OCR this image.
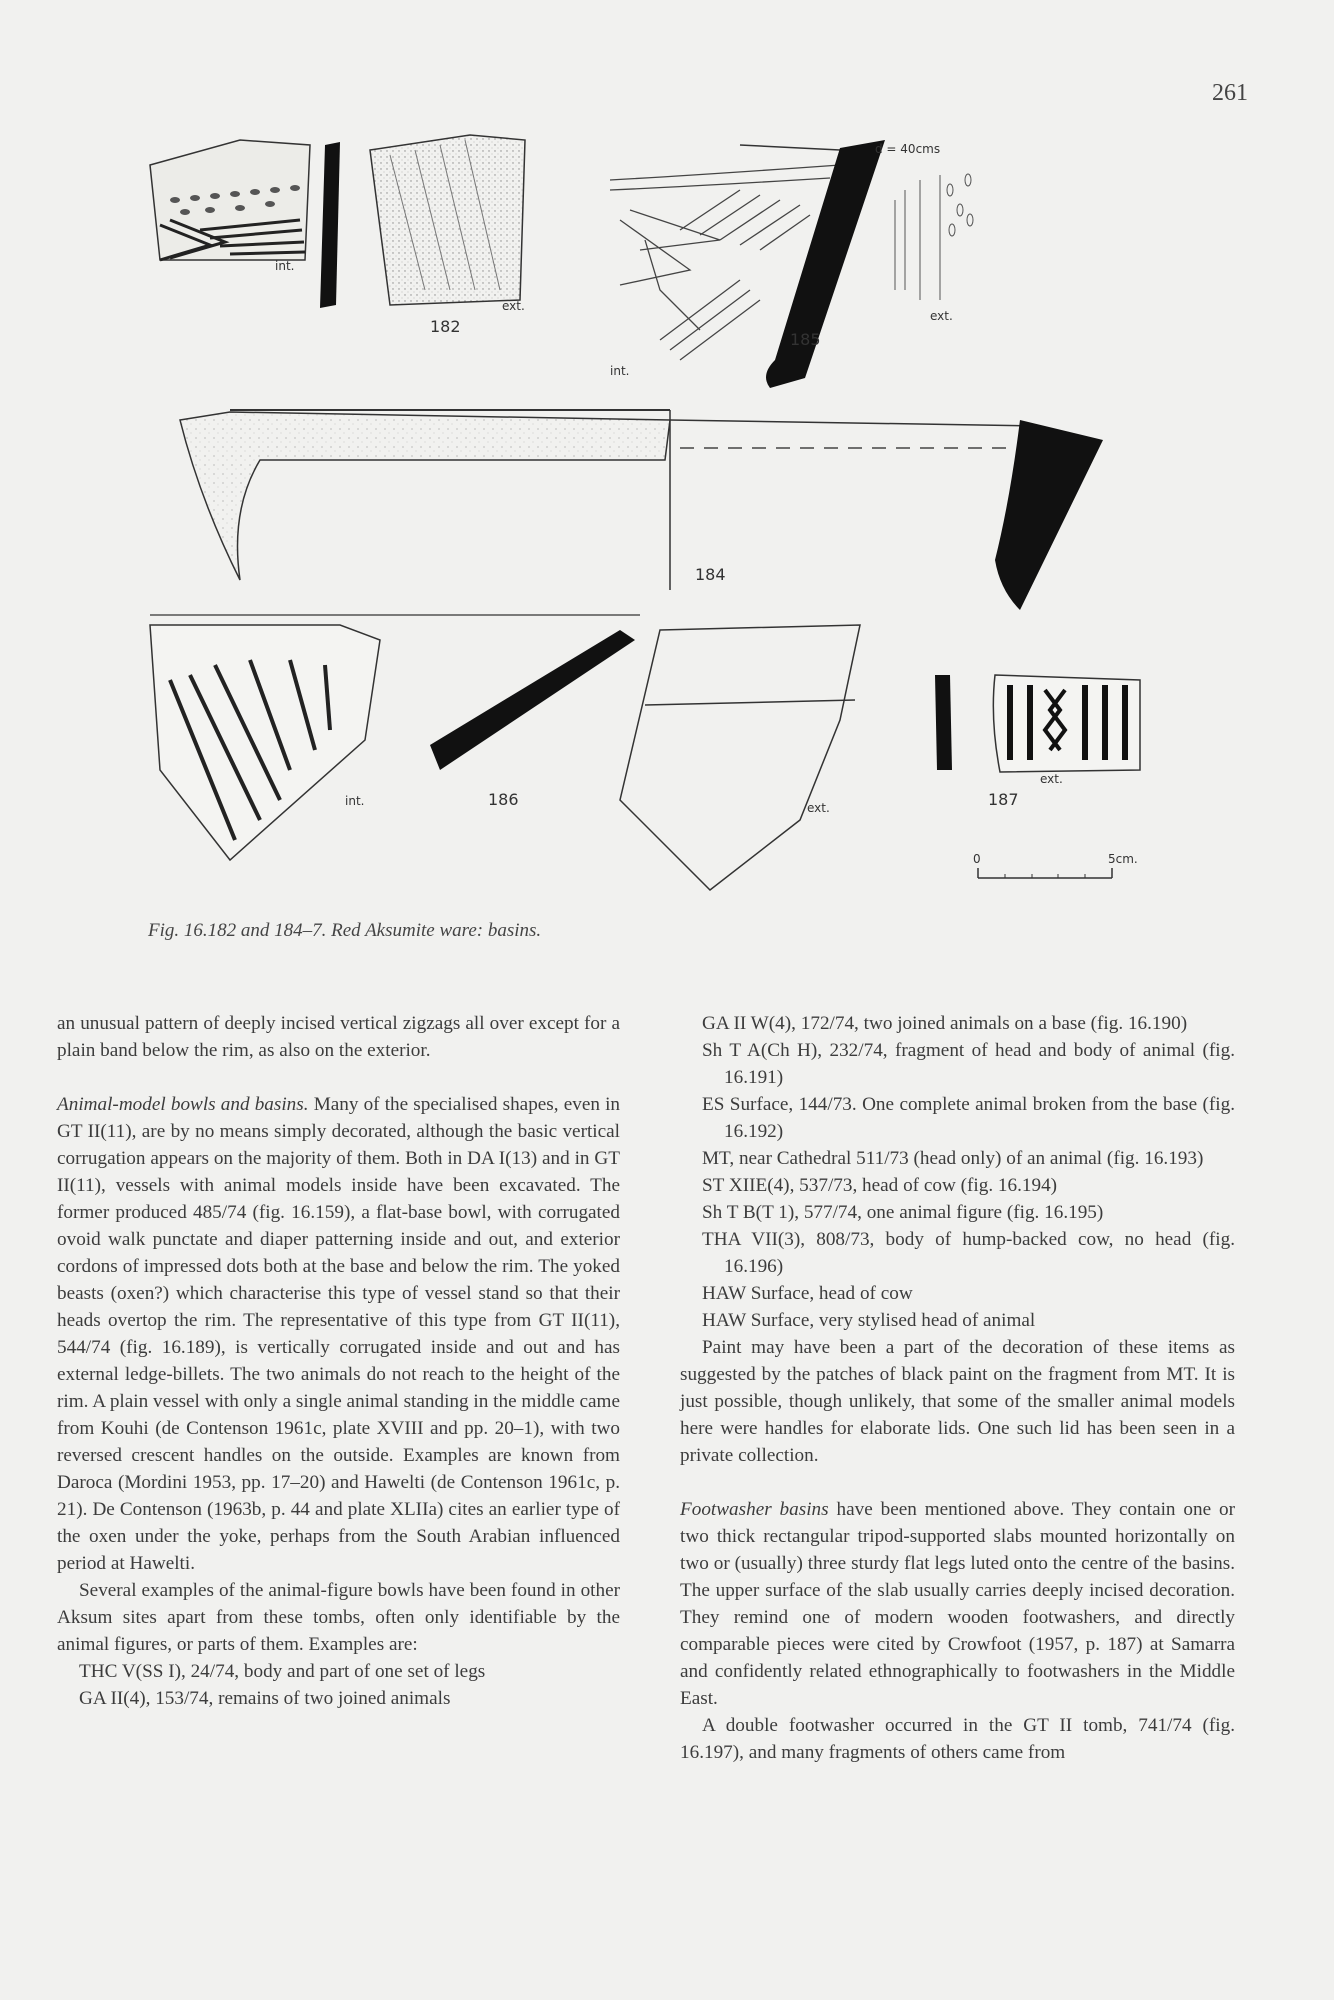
261
int.
182
ext.
d = 40cms
185
int.
ext.
184
int.	186	ext.
ext.
187
0	5cm.
Fig. 16.182 and 184–7. Red Aksumite ware: basins.

an unusual pattern of deeply incised vertical zigzags all over except for a plain band below the rim, as also on the exterior.

Animal-model bowls and basins. Many of the specialised shapes, even in GT II(11), are by no means simply decorated, although the basic vertical corrugation appears on the majority of them. Both in DA I(13) and in GT II(11), vessels with animal models inside have been excavated. The former produced 485/74 (fig. 16.159), a flat-base bowl, with corrugated ovoid walk punctate and diaper patterning inside and out, and exterior cordons of impressed dots both at the base and below the rim. The yoked beasts (oxen?) which characterise this type of vessel stand so that their heads overtop the rim. The representative of this type from GT II(11), 544/74 (fig. 16.189), is vertically corrugated inside and out and has external ledge-billets. The two animals do not reach to the height of the rim. A plain vessel with only a single animal standing in the middle came from Kouhi (de Contenson 1961c, plate XVIII and pp. 20–1), with two reversed crescent handles on the outside. Examples are known from Daroca (Mordini 1953, pp. 17–20) and Hawelti (de Contenson 1961c, p. 21). De Contenson (1963b, p. 44 and plate XLIIa) cites an earlier type of the oxen under the yoke, perhaps from the South Arabian influenced period at Hawelti.

Several examples of the animal-figure bowls have been found in other Aksum sites apart from these tombs, often only identifiable by the animal figures, or parts of them. Examples are:

THC V(SS I), 24/74, body and part of one set of legs

GA II(4), 153/74, remains of two joined animals

GA II W(4), 172/74, two joined animals on a base (fig. 16.190)

Sh T A(Ch H), 232/74, fragment of head and body of animal (fig. 16.191)

ES Surface, 144/73. One complete animal broken from the base (fig. 16.192)

MT, near Cathedral 511/73 (head only) of an animal (fig. 16.193)

ST XIIE(4), 537/73, head of cow (fig. 16.194)

Sh T B(T 1), 577/74, one animal figure (fig. 16.195)

THA VII(3), 808/73, body of hump-backed cow, no head (fig. 16.196)

HAW Surface, head of cow

HAW Surface, very stylised head of animal

Paint may have been a part of the decoration of these items as suggested by the patches of black paint on the fragment from MT. It is just possible, though unlikely, that some of the smaller animal models here were handles for elaborate lids. One such lid has been seen in a private collection.

Footwasher basins have been mentioned above. They contain one or two thick rectangular tripod-supported slabs mounted horizontally on two or (usually) three sturdy flat legs luted onto the centre of the basins. The upper surface of the slab usually carries deeply incised decoration. They remind one of modern wooden footwashers, and directly comparable pieces were cited by Crowfoot (1957, p. 187) at Samarra and confidently related ethnographically to footwashers in the Middle East.

A double footwasher occurred in the GT II tomb, 741/74 (fig. 16.197), and many fragments of others came from
